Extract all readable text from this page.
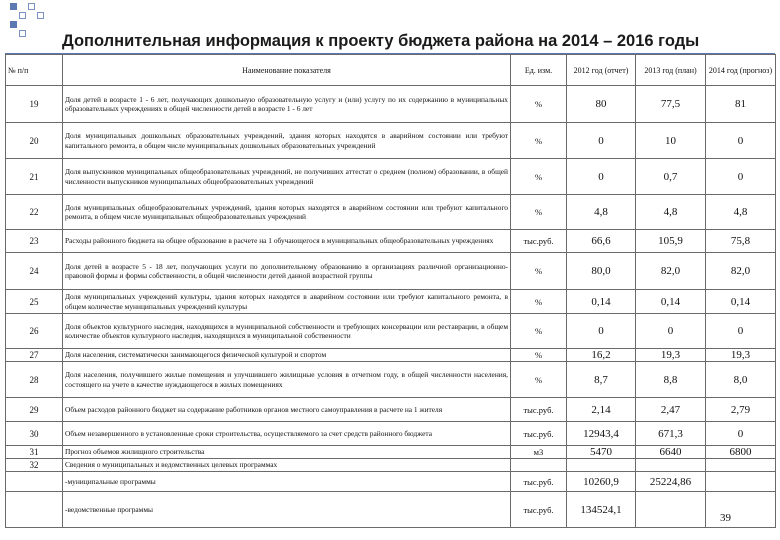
Дополнительная информация к проекту бюджета района на 2014 – 2016 годы
№ п/п	Наименование показателя	Ед. изм.	2012 год (отчет)	2013 год (план)	2014 год (прогноз)
19	Доля детей в возрасте 1 - 6 лет, получающих дошкольную образовательную услугу и (или) услугу по их содержанию в муниципальных образовательных учреждениях в общей численности детей в возрасте 1 - 6 лет	%	80	77,5	81
20	Доля муниципальных дошкольных образовательных учреждений, здания которых находятся в аварийном состоянии или требуют капитального ремонта, в общем числе муниципальных дошкольных образовательных учреждений	%	0	10	0
21	Доля выпускников муниципальных общеобразовательных учреждений, не получивших аттестат о среднем (полном) образовании, в общей численности выпускников муниципальных общеобразовательных учреждений	%	0	0,7	0
22	Доля муниципальных общеобразовательных учреждений, здания которых находятся в аварийном состоянии или требуют капитального ремонта, в общем числе муниципальных общеобразовательных учреждений	%	4,8	4,8	4,8
23	Расходы районного бюджета на общее образование в расчете на 1 обучающегося в муниципальных общеобразовательных учреждениях	тыс.руб.	66,6	105,9	75,8
24	Доля детей в возрасте 5 - 18 лет, получающих услуги по дополнительному образованию в организациях различной организационно-правовой формы и формы собственности, в общей численности детей данной возрастной группы	%	80,0	82,0	82,0
25	Доля муниципальных учреждений культуры, здания которых находятся в аварийном состоянии или требуют капитального ремонта, в общем количестве муниципальных учреждений культуры	%	0,14	0,14	0,14
26	Доля объектов культурного наследия, находящихся в муниципальной собственности и требующих консервации или реставрации, в общем количестве объектов культурного наследия, находящихся в муниципальной собственности	%	0	0	0
27	Доля населения, систематически занимающегося физической культурой и спортом	%	16,2	19,3	19,3
28	Доля населения, получившего жилые помещения и улучшившего жилищные условия в отчетном году, в общей численности населения, состоящего на учете в качестве нуждающегося в жилых помещениях	%	8,7	8,8	8,0
29	Объем расходов районного бюджет на содержание работников органов местного самоуправления в расчете на 1 жителя	тыс.руб.	2,14	2,47	2,79
30	Объем незавершенного в установленные сроки строительства, осуществляемого за счет средств районного бюджета	тыс.руб.	12943,4	671,3	0
31	Прогноз объемов жилищного строительства	м3	5470	6640	6800
32	Сведения о муниципальных и ведомственных целевых программах				
	-муниципальные программы	тыс.руб.	10260,9	25224,86	
	-ведомственные программы	тыс.руб.	134524,1		
39
